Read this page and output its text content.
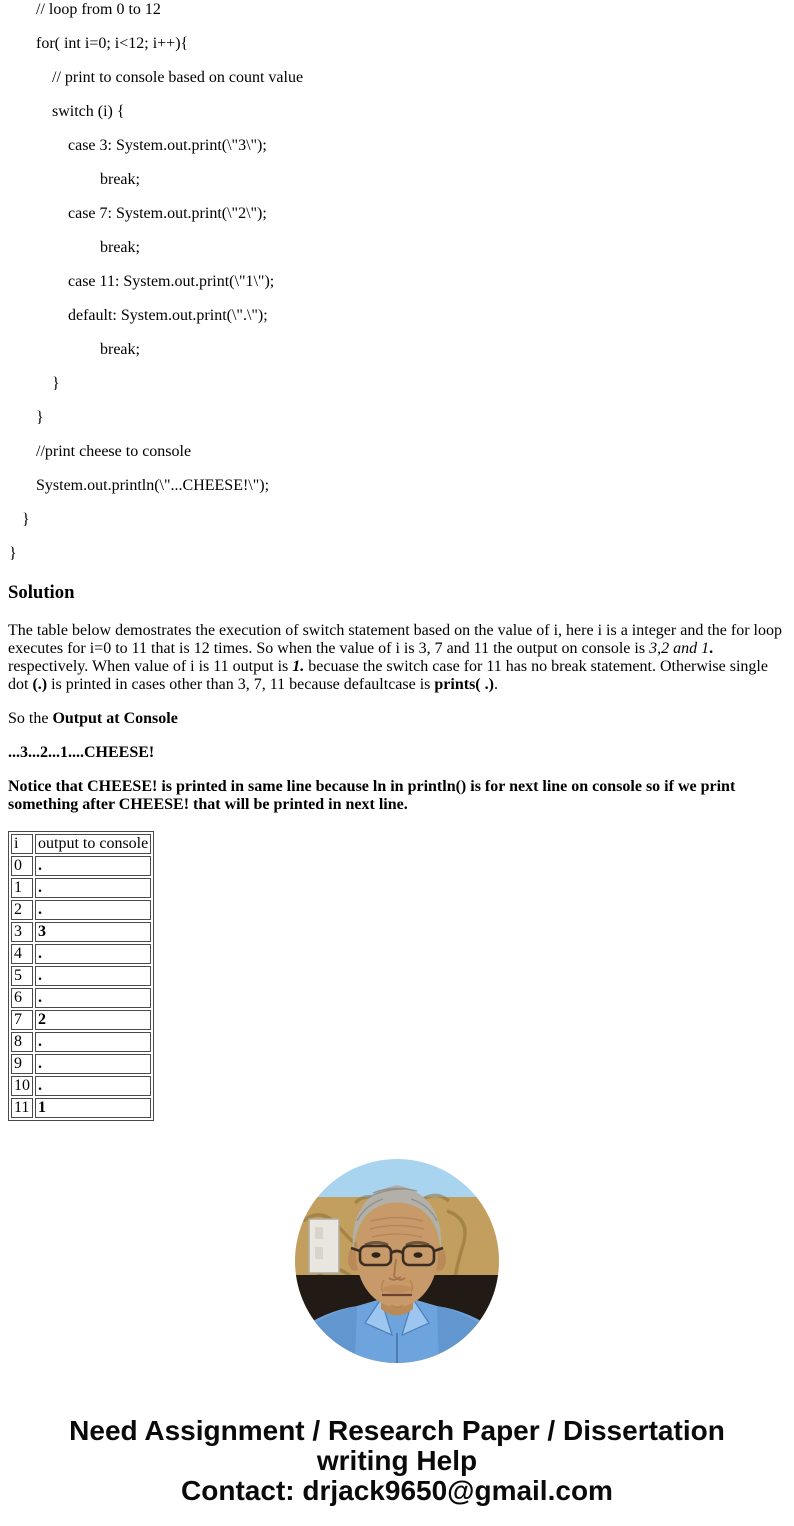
// loop from 0 to 12

for( int i=0; i<12; i++){

// print to console based on count value

switch (i) {

case 3: System.out.print(\"3\");

break;

case 7: System.out.print(\"2\");

break;

case 11: System.out.print(\"1\");

default: System.out.print(\".\");

break;

}

}

//print cheese to console

System.out.println(\"...CHEESE!\");

}

}

Solution

The table below demostrates the execution of switch statement based on the value of i, here i is a integer and the for loop executes for i=0 to 11 that is 12 times. So when the value of i is 3, 7 and 11 the output on console is 3,2 and 1. respectively. When value of i is 11 output is 1. becuase the switch case for 11 has no break statement. Otherwise single dot (.) is printed in cases other than 3, 7, 11 because defaultcase is prints( .).

So the Output at Console

...3...2...1....CHEESE!

Notice that CHEESE! is printed in same line because ln in println() is for next line on console so if we print something after CHEESE! that will be printed in next line.

i	output to console
0	.
1	.
2	.
3	3
4	.
5	.
6	.
7	2
8	.
9	.
10	.
11	1
Need Assignment / Research Paper / Dissertation
writing Help
Contact: drjack9650@gmail.com
